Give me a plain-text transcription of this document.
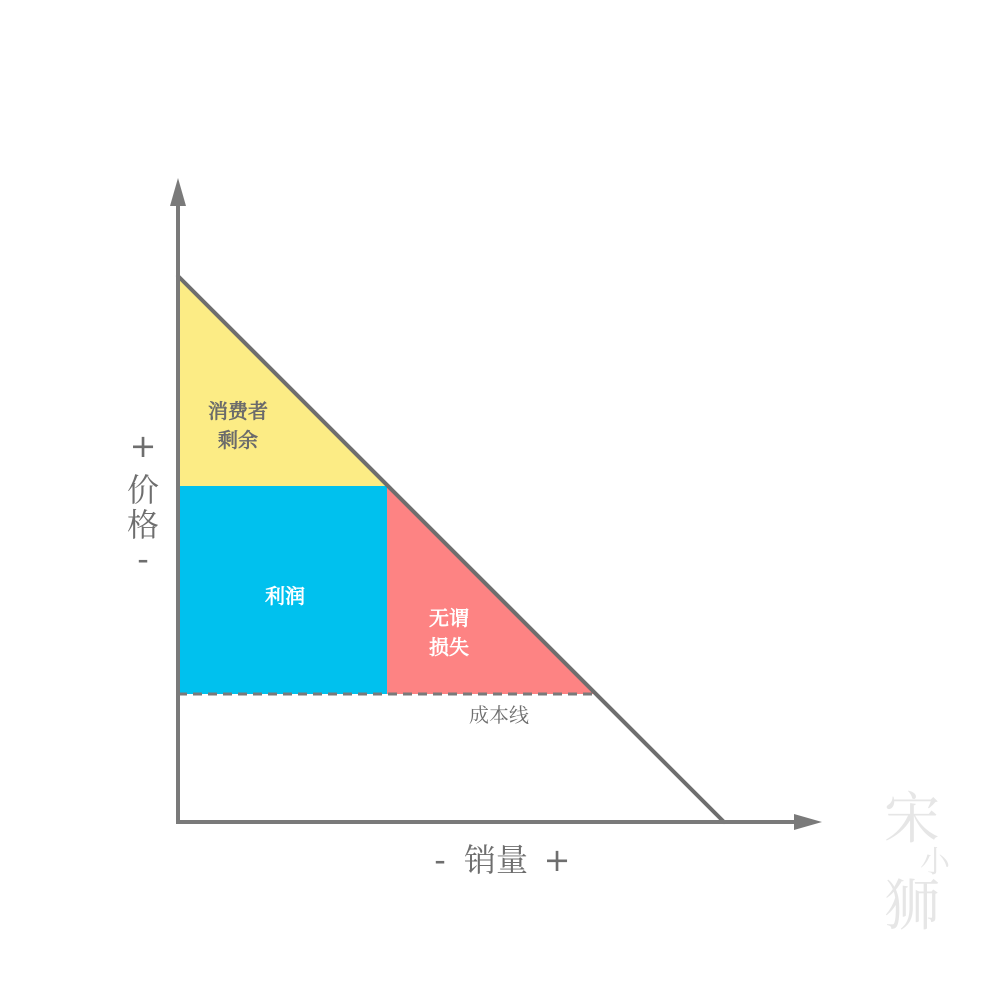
消费者
剩余
利润
无谓
损失
成本线
+
价
格
-
- 销量 +
宋
小
狮
